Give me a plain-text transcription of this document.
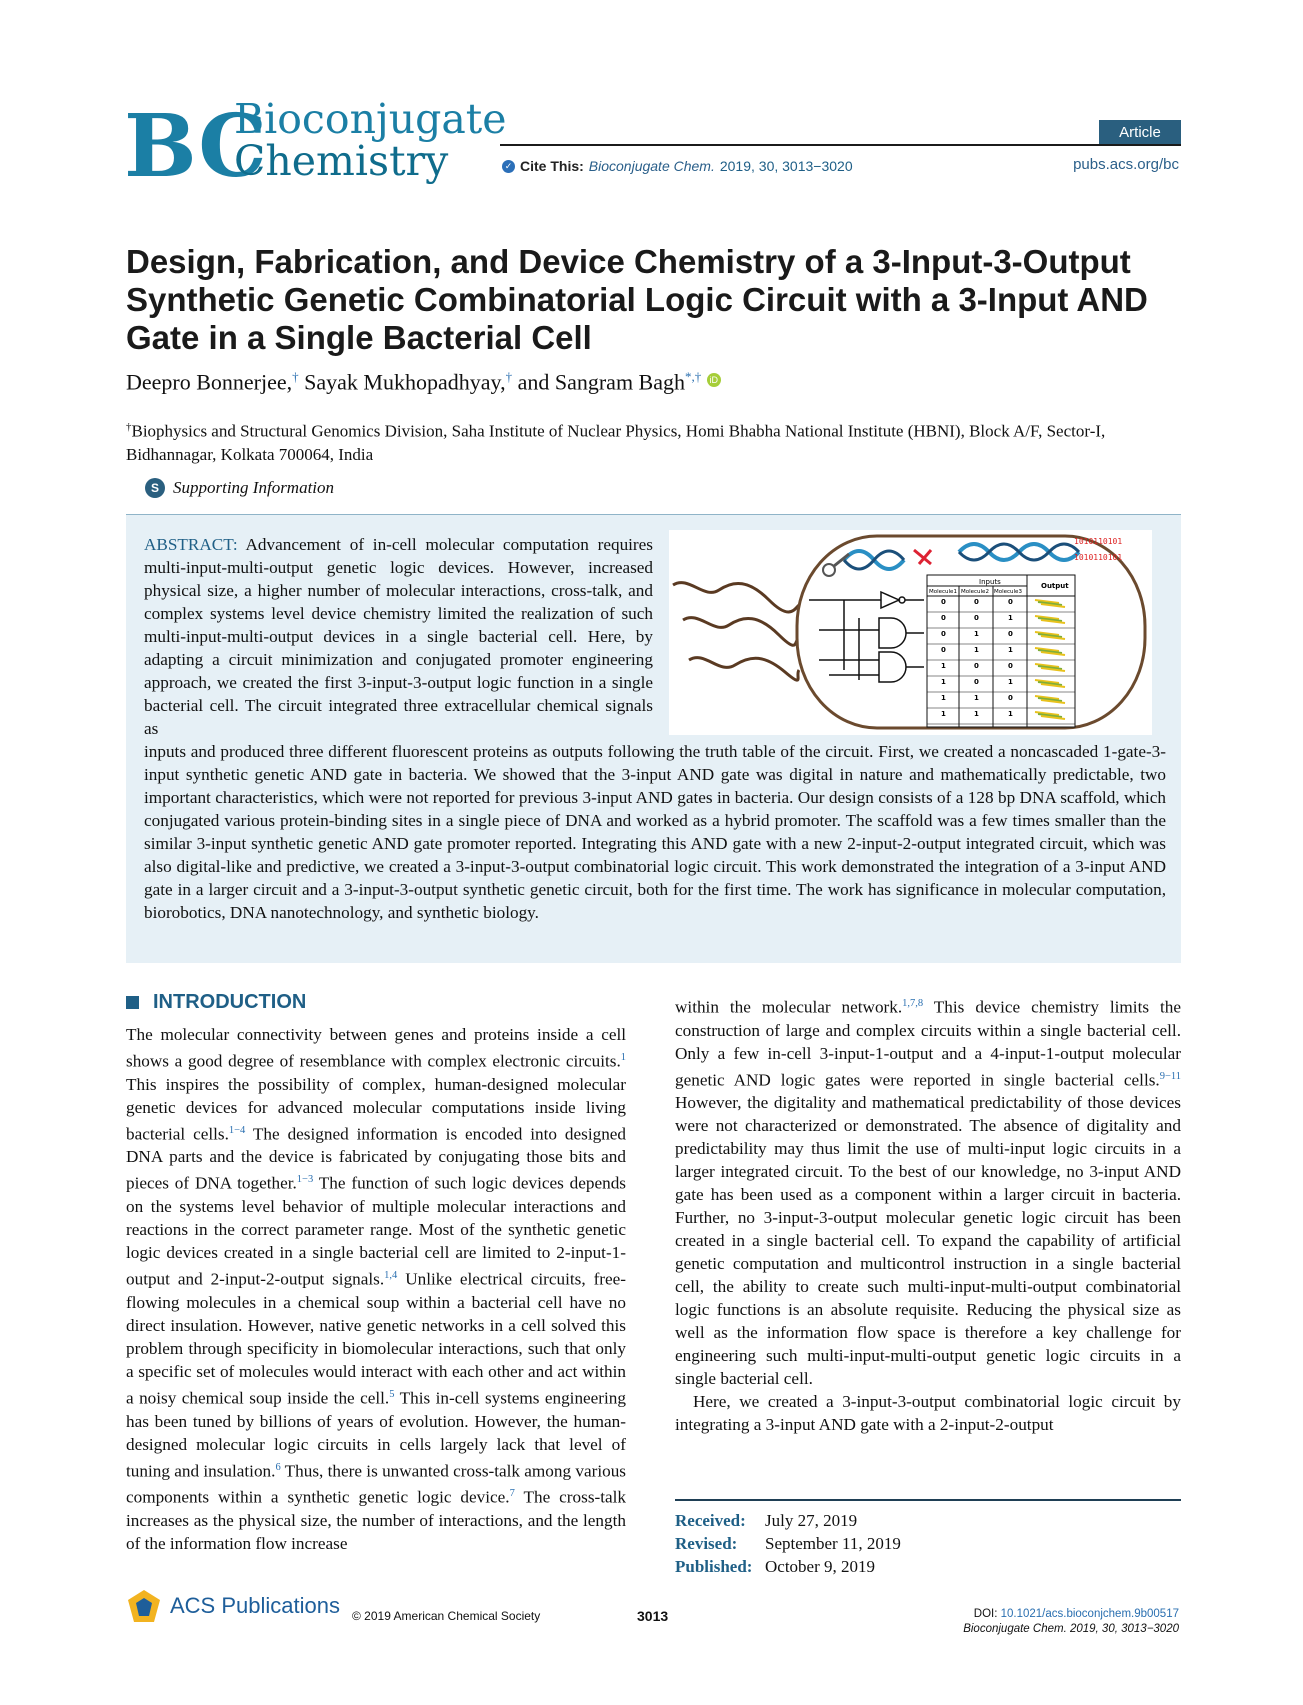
BC
Bioconjugate
Chemistry
Article
✓ Cite This: Bioconjugate Chem. 2019, 30, 3013−3020	pubs.acs.org/bc
Design, Fabrication, and Device Chemistry of a 3-Input-3-Output Synthetic Genetic Combinatorial Logic Circuit with a 3-Input AND Gate in a Single Bacterial Cell
Deepro Bonnerjee,† Sayak Mukhopadhyay,† and Sangram Bagh*,† iD
†Biophysics and Structural Genomics Division, Saha Institute of Nuclear Physics, Homi Bhabha National Institute (HBNI), Block A/F, Sector-I, Bidhannagar, Kolkata 700064, India
S Supporting Information
ABSTRACT: Advancement of in-cell molecular computation requires multi-input-multi-output genetic logic devices. However, increased physical size, a higher number of molecular interactions, cross-talk, and complex systems level device chemistry limited the realization of such multi-input-multi-output devices in a single bacterial cell. Here, by adapting a circuit minimization and conjugated promoter engineering approach, we created the first 3-input-3-output logic function in a single bacterial cell. The circuit integrated three extracellular chemical signals as
inputs and produced three different fluorescent proteins as outputs following the truth table of the circuit. First, we created a noncascaded 1-gate-3-input synthetic genetic AND gate in bacteria. We showed that the 3-input AND gate was digital in nature and mathematically predictable, two important characteristics, which were not reported for previous 3-input AND gates in bacteria. Our design consists of a 128 bp DNA scaffold, which conjugated various protein-binding sites in a single piece of DNA and worked as a hybrid promoter. The scaffold was a few times smaller than the similar 3-input synthetic genetic AND gate promoter reported. Integrating this AND gate with a new 2-input-2-output integrated circuit, which was also digital-like and predictive, we created a 3-input-3-output combinatorial logic circuit. This work demonstrated the integration of a 3-input AND gate in a larger circuit and a 3-input-3-output synthetic genetic circuit, both for the first time. The work has significance in molecular computation, biorobotics, DNA nanotechnology, and synthetic biology.
1010110101
1010110101
Inputs	Output
Molecule1 Molecule2 Molecule3
0	0	0
0	0	1
0	1	0
0	1	1
1	0	0
1	0	1
1	1	0
1	1	1
INTRODUCTION

The molecular connectivity between genes and proteins inside a cell shows a good degree of resemblance with complex electronic circuits.$^1$ This inspires the possibility of complex, human-designed molecular genetic devices for advanced molecular computations inside living bacterial cells.$^{1-4}$ The designed information is encoded into designed DNA parts and the device is fabricated by conjugating those bits and pieces of DNA together.$^{1-3}$ The function of such logic devices depends on the systems level behavior of multiple molecular interactions and reactions in the correct parameter range. Most of the synthetic genetic logic devices created in a single bacterial cell are limited to 2-input-1-output and 2-input-2-output signals.$^{1,4}$ Unlike electrical circuits, free-flowing molecules in a chemical soup within a bacterial cell have no direct insulation. However, native genetic networks in a cell solved this problem through specificity in biomolecular interactions, such that only a specific set of molecules would interact with each other and act within a noisy chemical soup inside the cell.$^5$ This in-cell systems engineering has been tuned by billions of years of evolution. However, the human-designed molecular logic circuits in cells largely lack that level of tuning and insulation.$^6$ Thus, there is unwanted cross-talk among various components within a synthetic genetic logic device.$^7$ The cross-talk increases as the physical size, the number of interactions, and the length of the information flow increase

within the molecular network.$^{1,7,8}$ This device chemistry limits the construction of large and complex circuits within a single bacterial cell. Only a few in-cell 3-input-1-output and a 4-input-1-output molecular genetic AND logic gates were reported in single bacterial cells.$^{9-11}$ However, the digitality and mathematical predictability of those devices were not characterized or demonstrated. The absence of digitality and predictability may thus limit the use of multi-input logic circuits in a larger integrated circuit. To the best of our knowledge, no 3-input AND gate has been used as a component within a larger circuit in bacteria. Further, no 3-input-3-output molecular genetic logic circuit has been created in a single bacterial cell. To expand the capability of artificial genetic computation and multicontrol instruction in a single bacterial cell, the ability to create such multi-input-multi-output combinatorial logic functions is an absolute requisite. Reducing the physical size as well as the information flow space is therefore a key challenge for engineering such multi-input-multi-output genetic logic circuits in a single bacterial cell.

Here, we created a 3-input-3-output combinatorial logic circuit by integrating a 3-input AND gate with a 2-input-2-output

Received: July 27, 2019
Revised: September 11, 2019
Published: October 9, 2019
ACS Publications © 2019 American Chemical Society	3013	DOI: 10.1021/acs.bioconjchem.9b00517
Bioconjugate Chem. 2019, 30, 3013−3020
